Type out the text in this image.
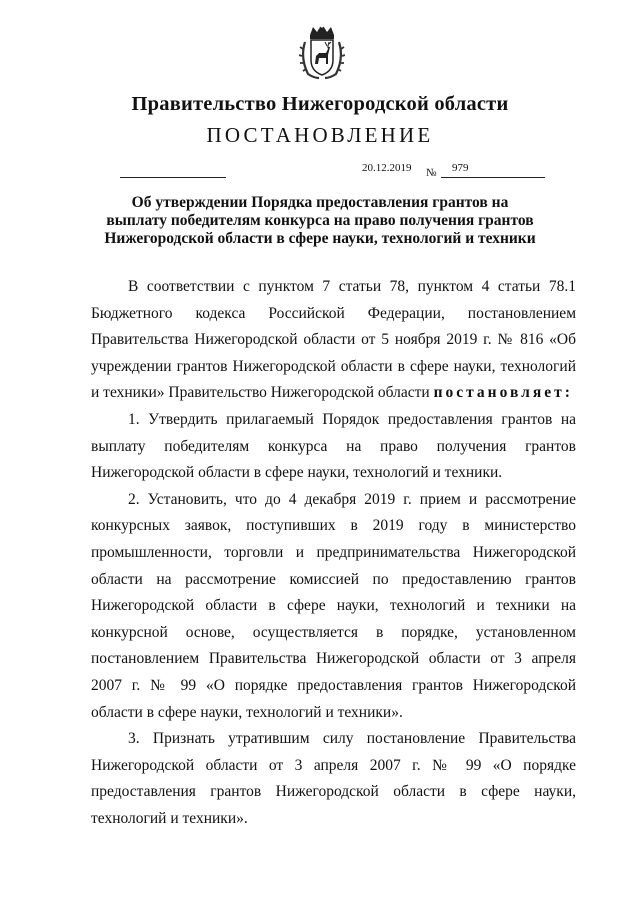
Правительство Нижегородской области
ПОСТАНОВЛЕНИЕ
20.12.2019 № 979
Об утверждении Порядка предоставления грантов на
выплату победителям конкурса на право получения грантов
Нижегородской области в сфере науки, технологий и техники

В соответствии с пунктом 7 статьи 78, пунктом 4 статьи 78.1 Бюджетного кодекса Российской Федерации, постановлением Правительства Нижегородской области от 5 ноября 2019 г. № 816 «Об учреждении грантов Нижегородской области в сфере науки, технологий и техники» Правительство Нижегородской области постановляет:

1. Утвердить прилагаемый Порядок предоставления грантов на выплату победителям конкурса на право получения грантов Нижегородской области в сфере науки, технологий и техники.

2. Установить, что до 4 декабря 2019 г. прием и рассмотрение конкурсных заявок, поступивших в 2019 году в министерство промышленности, торговли и предпринимательства Нижегородской области на рассмотрение комиссией по предоставлению грантов Нижегородской области в сфере науки, технологий и техники на конкурсной основе, осуществляется в порядке, установленном постановлением Правительства Нижегородской области от 3 апреля 2007 г. № 99 «О порядке предоставления грантов Нижегородской области в сфере науки, технологий и техники».

3. Признать утратившим силу постановление Правительства Нижегородской области от 3 апреля 2007 г. № 99 «О порядке предоставления грантов Нижегородской области в сфере науки, технологий и техники».
